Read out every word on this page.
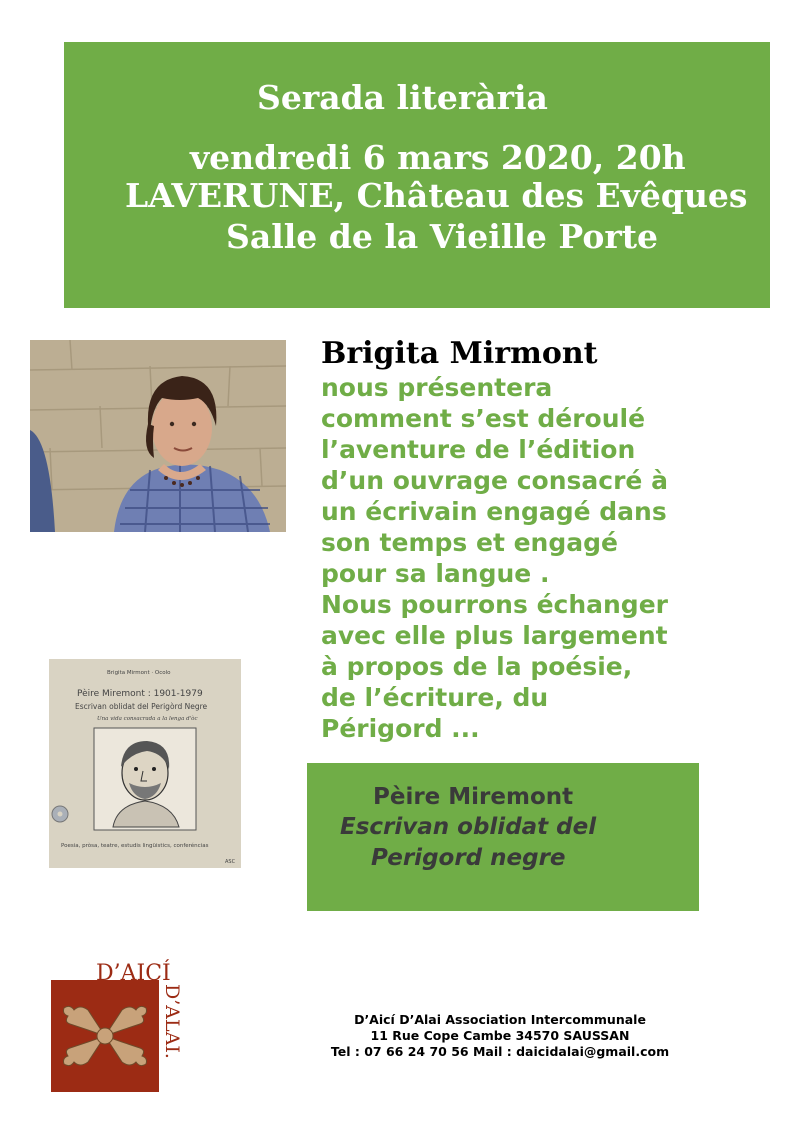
Serada literària
vendredi 6 mars 2020, 20h
LAVERUNE, Château des Evêques
Salle de la Vieille Porte
Brigita Mirmont
nous présentera
comment s’est déroulé
l’aventure de l’édition
d’un ouvrage consacré à
un écrivain engagé dans
son temps et engagé
pour sa langue .
Nous pourrons échanger
avec elle plus largement
à propos de la poésie,
de l’écriture, du
Périgord ...
Brigita Mirmont · Ocolo
Pèire Miremont : 1901-1979
Escrivan oblidat del Perigòrd Negre
Una vida consacrada a la lenga d'òc
Poesia, pròsa, teatre, estudis lingüistics, conferéncias
ASC
Pèire Miremont
Escrivan oblidat del
Perigord negre
D’AICÍ
D’ALAI.	D’Aicí D’Alai Association Intercommunale
11 Rue Cope Cambe 34570 SAUSSAN
Tel : 07 66 24 70 56 Mail : daicidalai@gmail.com
